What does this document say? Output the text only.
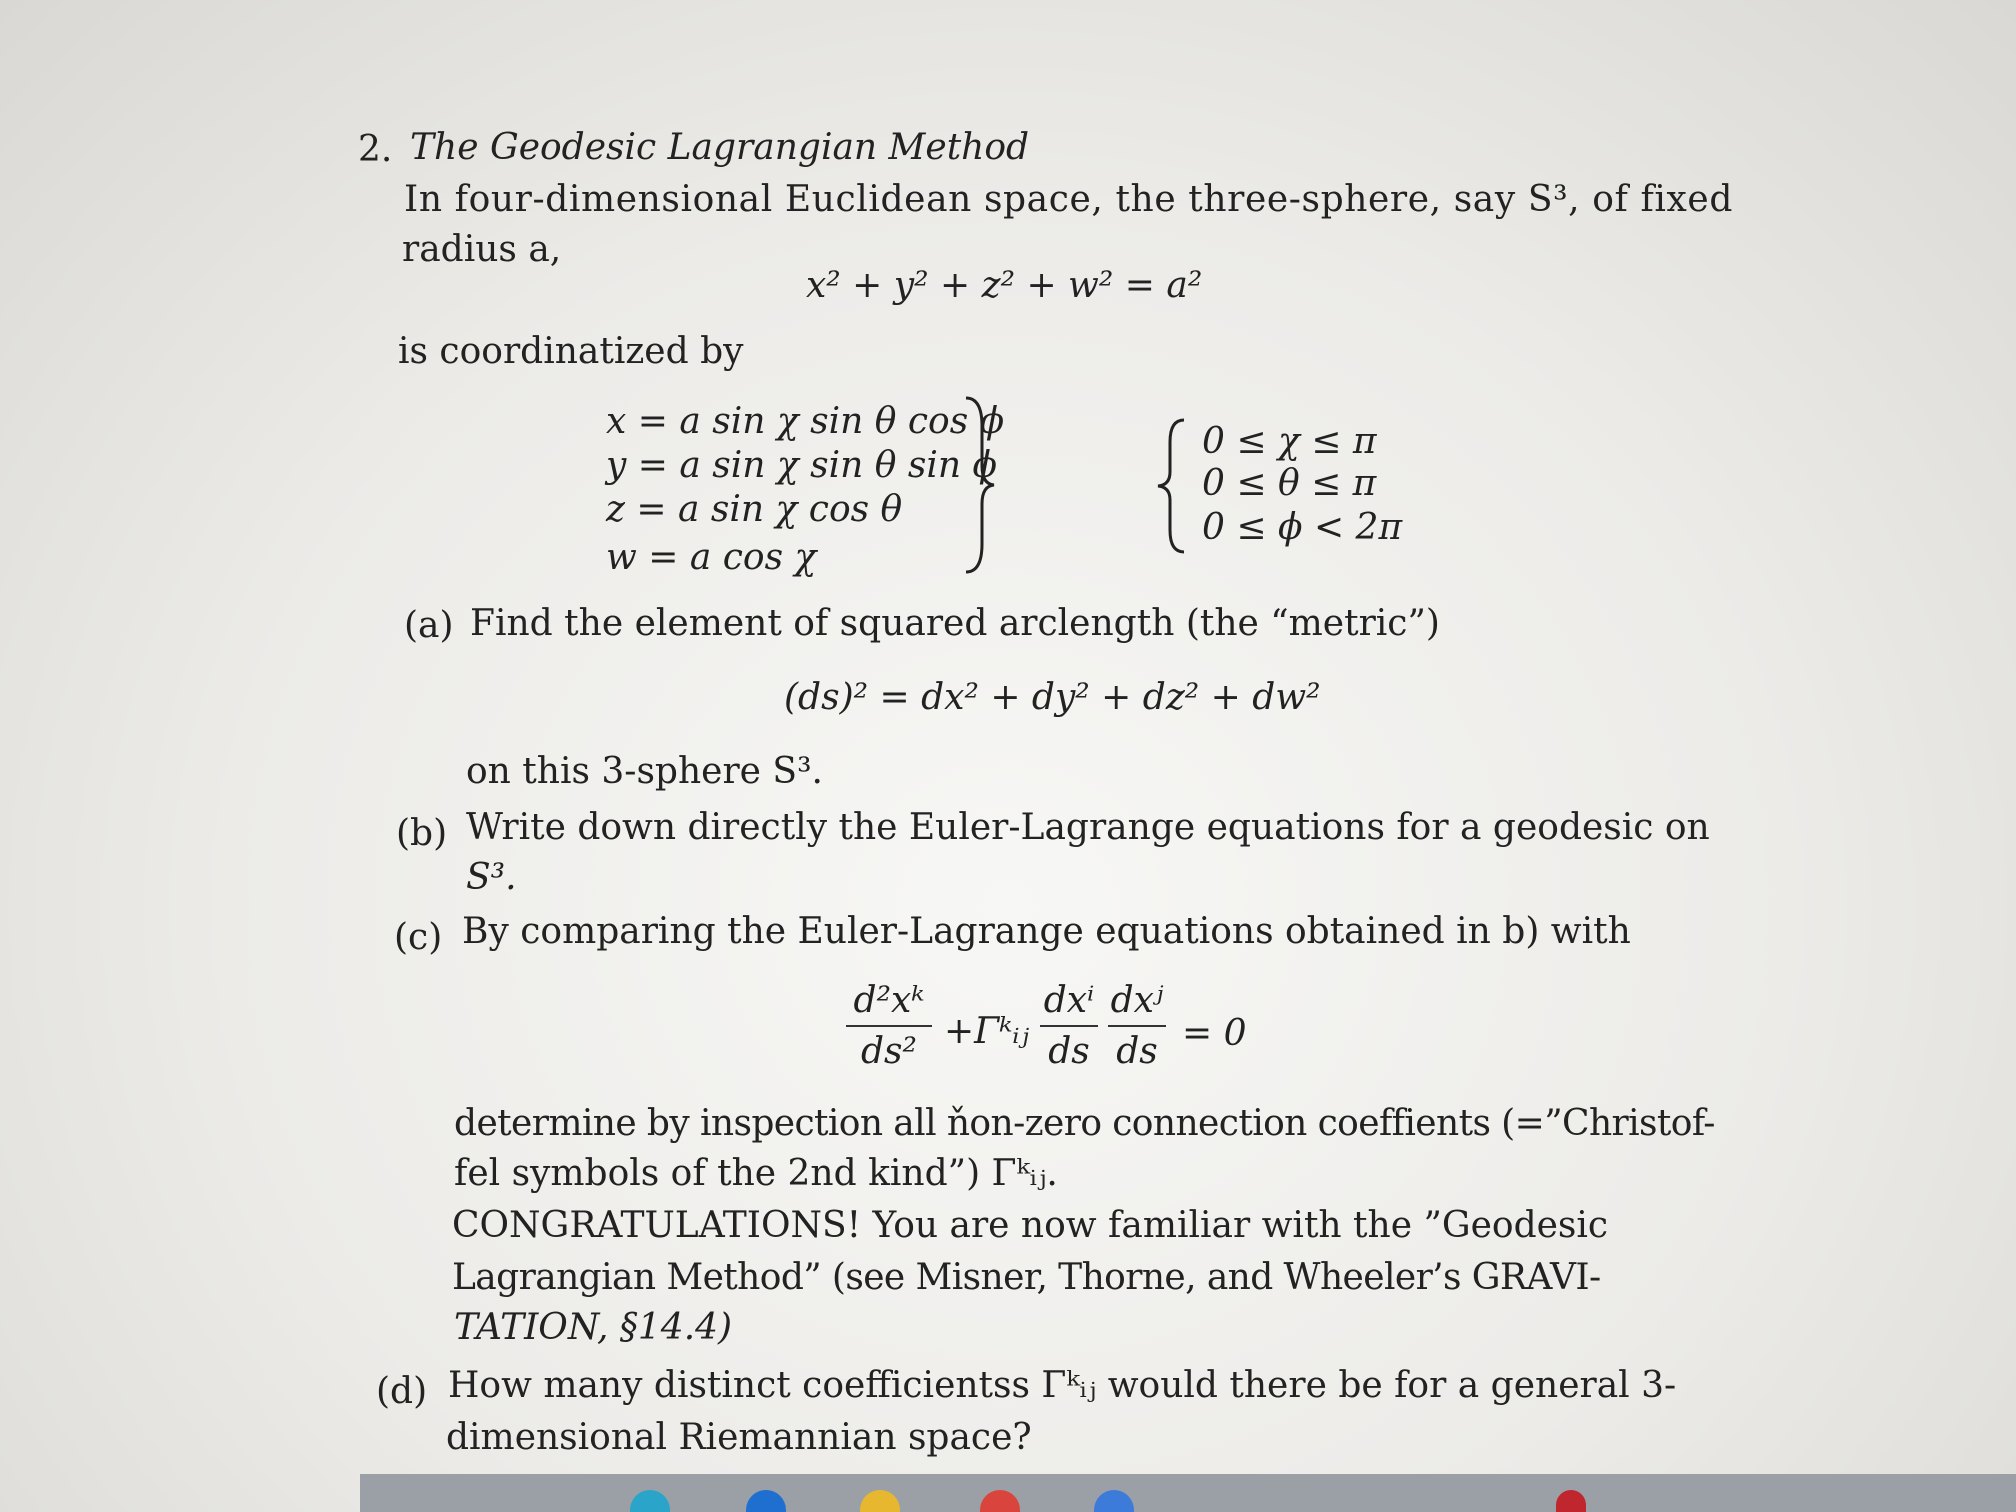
2. The Geodesic Lagrangian Method
In four-dimensional Euclidean space, the three-sphere, say S³, of fixed
radius a,
x² + y² + z² + w² = a²
is coordinatized by
x = a sin χ sin θ cos ϕ
y = a sin χ sin θ sin ϕ
z = a sin χ cos θ
w = a cos χ
0 ≤ χ ≤ π
0 ≤ θ ≤ π
0 ≤ ϕ < 2π
(a) Find the element of squared arclength (the “metric”)
(ds)² = dx² + dy² + dz² + dw²
on this 3-sphere S³.
(b) Write down directly the Euler-Lagrange equations for a geodesic on
S³.
(c) By comparing the Euler-Lagrange equations obtained in b) with
d²xᵏ
ds² +Γᵏᵢⱼ
dxⁱ
ds
dxʲ
ds = 0
determine by inspection all ňon-zero connection coeffients (=”Christof-
fel symbols of the 2nd kind”) Γᵏᵢⱼ.
CONGRATULATIONS! You are now familiar with the ”Geodesic
Lagrangian Method” (see Misner, Thorne, and Wheeler’s GRAVI-
TATION, §14.4)
(d) How many distinct coefficientss Γᵏᵢⱼ would there be for a general 3-
dimensional Riemannian space?
